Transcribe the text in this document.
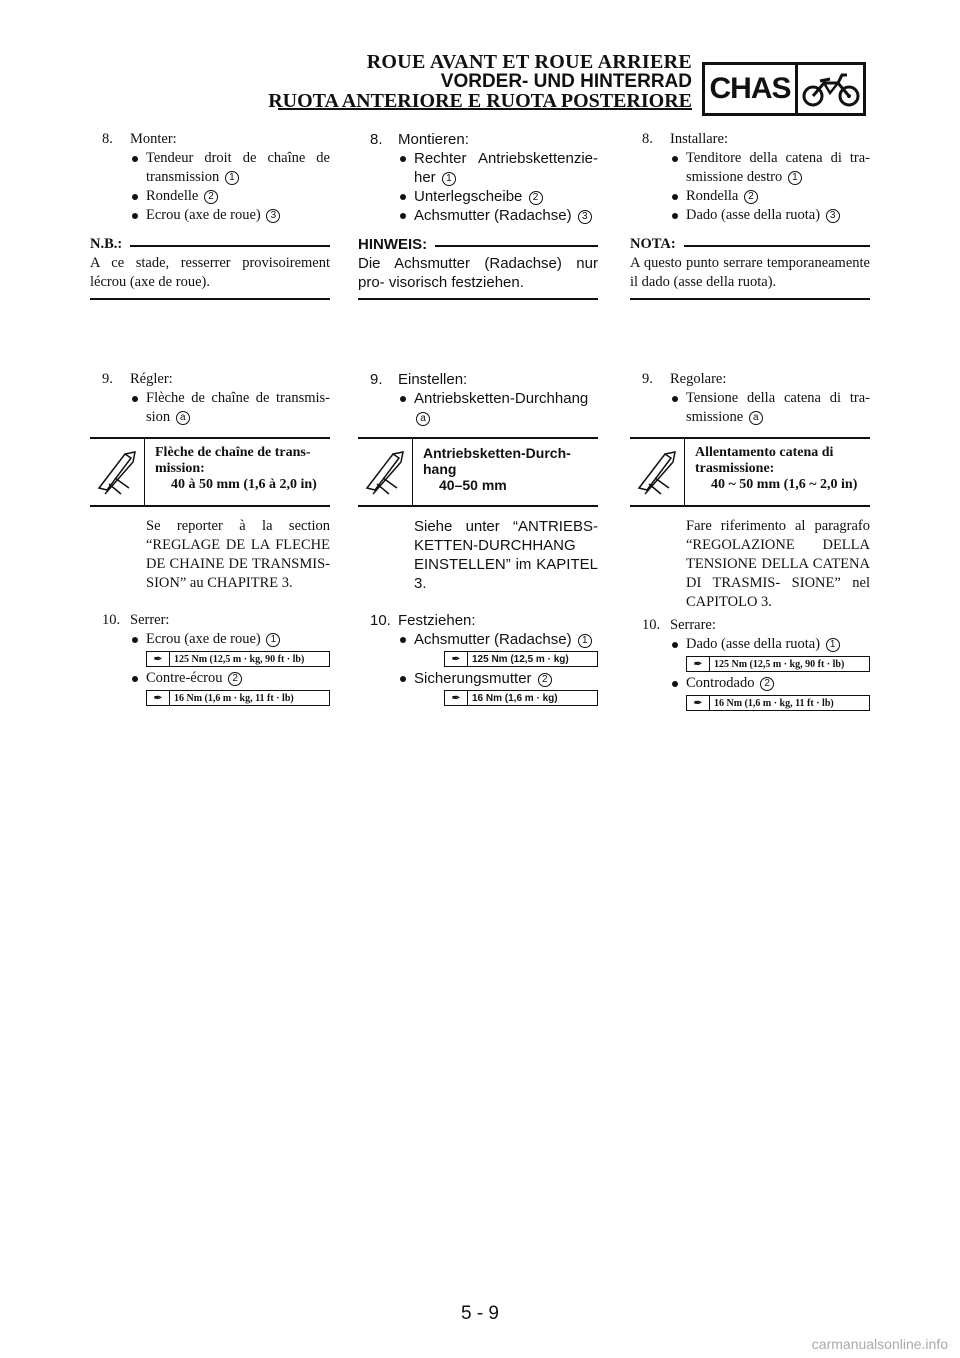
ROUE AVANT ET ROUE ARRIERE
VORDER- UND HINTERRAD
RUOTA ANTERIORE E RUOTA POSTERIORE CHAS
8. Monter:
Tendeur droit de chaîne de transmission 1
Rondelle 2
Ecrou (axe de roue) 3
N.B.:
A ce stade, resserrer provisoirement lécrou (axe de roue).
9. Régler:
Flèche de chaîne de transmis- sion a
Flèche de chaîne de trans-
mission:
40 à 50 mm (1,6 à 2,0 in)
Se reporter à la section “REGLAGE DE LA FLECHE DE CHAINE DE TRANSMIS- SION” au CHAPITRE 3.
10. Serrer:
Ecrou (axe de roue) 1
✒	125 Nm (12,5 m · kg, 90 ft · lb)
Contre-écrou 2
✒	16 Nm (1,6 m · kg, 11 ft · lb)
8. Montieren:
Rechter Antriebskettenzie- her 1
Unterlegscheibe 2
Achsmutter (Radachse) 3
HINWEIS:
Die Achsmutter (Radachse) nur pro- visorisch festziehen.
9. Einstellen:
Antriebsketten-Durchhang
a
Antriebsketten-Durch-
hang
40–50 mm
Siehe unter “ANTRIEBS- KETTEN-DURCHHANG EINSTELLEN” im KAPITEL 3.
10. Festziehen:
Achsmutter (Radachse) 1
✒	125 Nm (12,5 m · kg)
Sicherungsmutter 2
✒	16 Nm (1,6 m · kg)
8. Installare:
Tenditore della catena di tra- smissione destro 1
Rondella 2
Dado (asse della ruota) 3
NOTA:
A questo punto serrare temporaneamente il dado (asse della ruota).
9. Regolare:
Tensione della catena di tra- smissione a
Allentamento catena di
trasmissione:
40 ~ 50 mm (1,6 ~ 2,0 in)
Fare riferimento al paragrafo “REGOLAZIONE DELLA TENSIONE DELLA CATENA DI TRASMIS- SIONE” nel CAPITOLO 3.
10. Serrare:
Dado (asse della ruota) 1
✒	125 Nm (12,5 m · kg, 90 ft · lb)
Controdado 2
✒	16 Nm (1,6 m · kg, 11 ft · lb)
5 - 9
carmanualsonline.info
